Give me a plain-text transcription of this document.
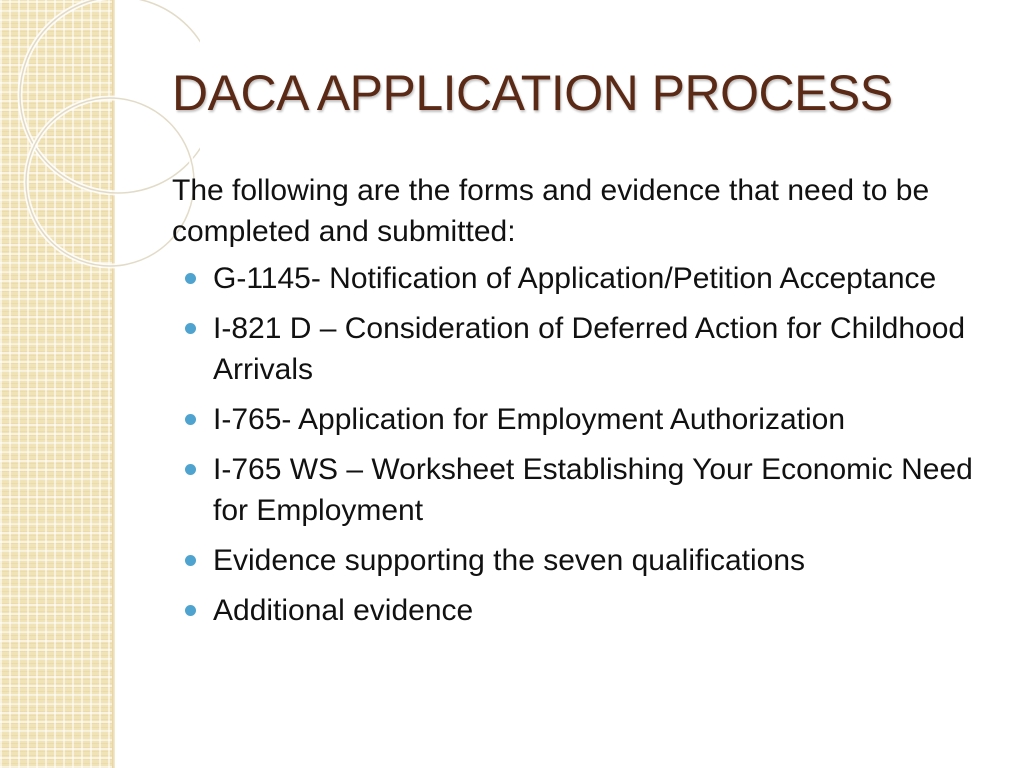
DACA APPLICATION PROCESS

The following are the forms and evidence that need to be completed and submitted:

G-1145- Notification of Application/Petition Acceptance
I-821 D – Consideration of Deferred Action for Childhood Arrivals
I-765- Application for Employment Authorization
I-765 WS – Worksheet Establishing Your Economic Need for Employment
Evidence supporting the seven qualifications
Additional evidence
